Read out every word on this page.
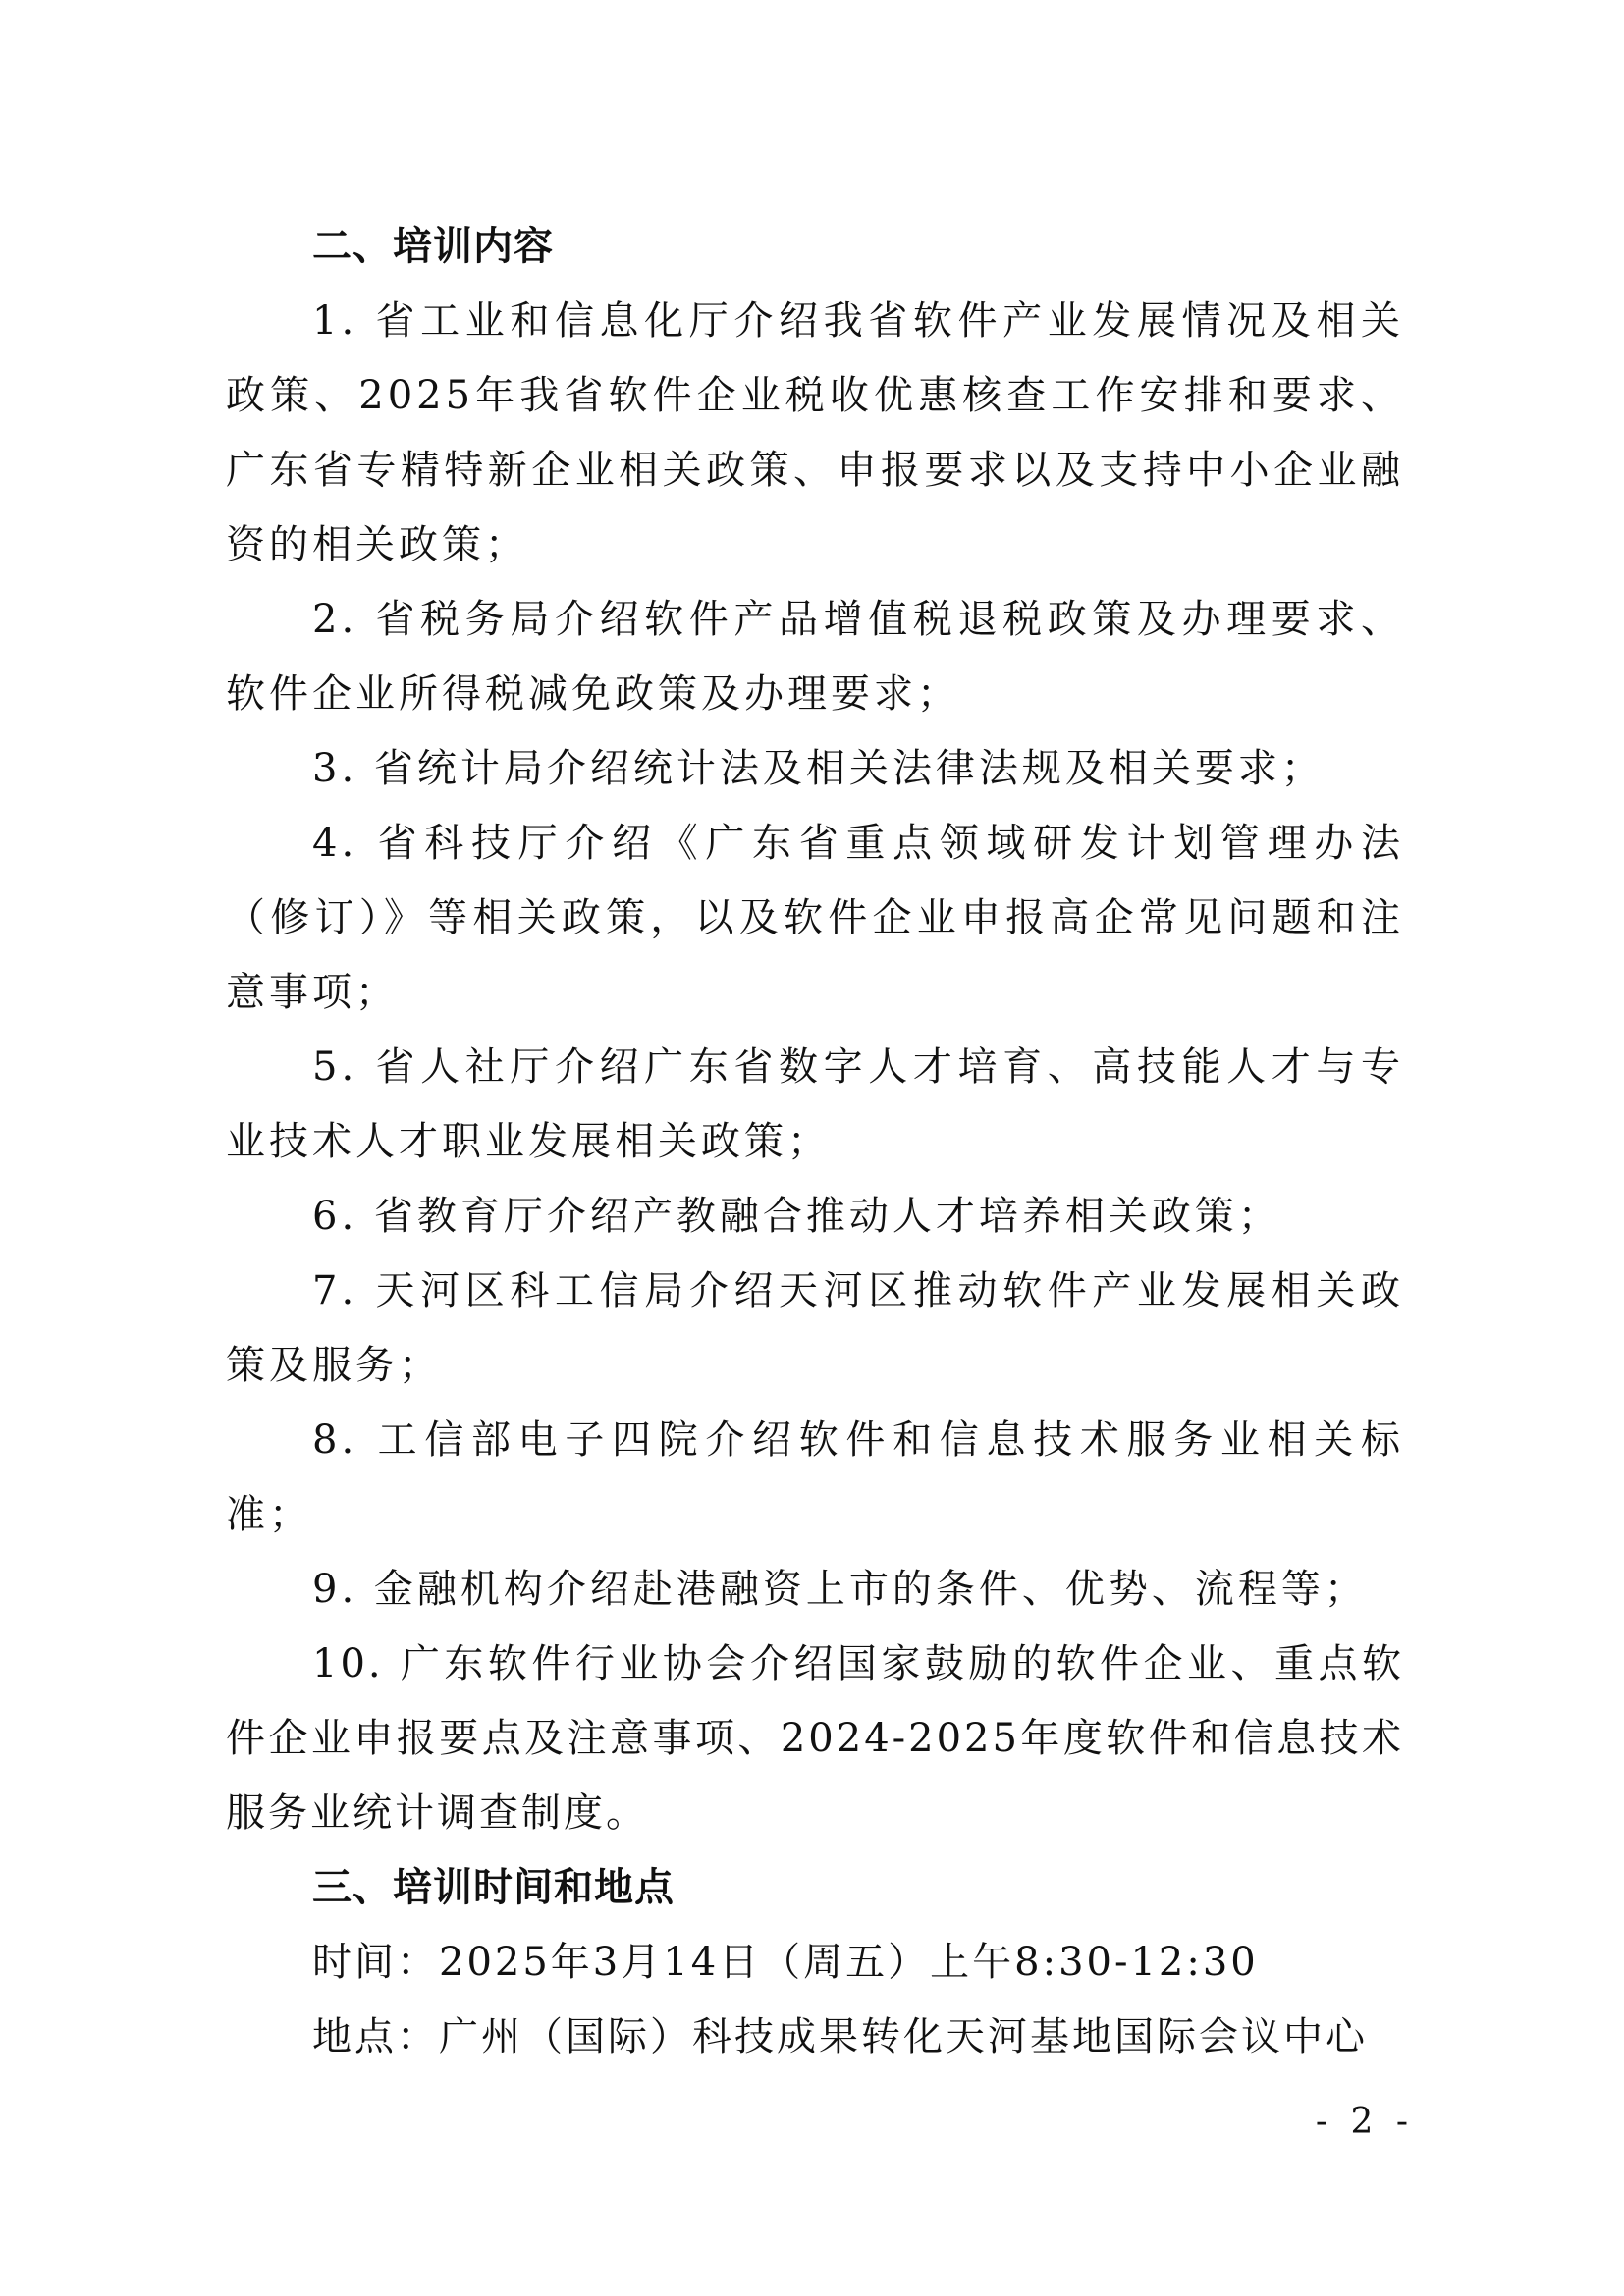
二、培训内容
1. 省工业和信息化厅介绍我省软件产业发展情况及相关政策、2025年我省软件企业税收优惠核查工作安排和要求、广东省专精特新企业相关政策、申报要求以及支持中小企业融资的相关政策；
2. 省税务局介绍软件产品增值税退税政策及办理要求、软件企业所得税减免政策及办理要求；
3. 省统计局介绍统计法及相关法律法规及相关要求；
4. 省科技厅介绍《广东省重点领域研发计划管理办法（修订）》等相关政策，以及软件企业申报高企常见问题和注意事项；
5. 省人社厅介绍广东省数字人才培育、高技能人才与专业技术人才职业发展相关政策；
6. 省教育厅介绍产教融合推动人才培养相关政策；
7. 天河区科工信局介绍天河区推动软件产业发展相关政策及服务；
8. 工信部电子四院介绍软件和信息技术服务业相关标准；
9. 金融机构介绍赴港融资上市的条件、优势、流程等；
10. 广东软件行业协会介绍国家鼓励的软件企业、重点软件企业申报要点及注意事项、2024-2025年度软件和信息技术服务业统计调查制度。
三、培训时间和地点
时间：2025年3月14日（周五）上午8:30-12:30
地点：广州（国际）科技成果转化天河基地国际会议中心
- 2 -
